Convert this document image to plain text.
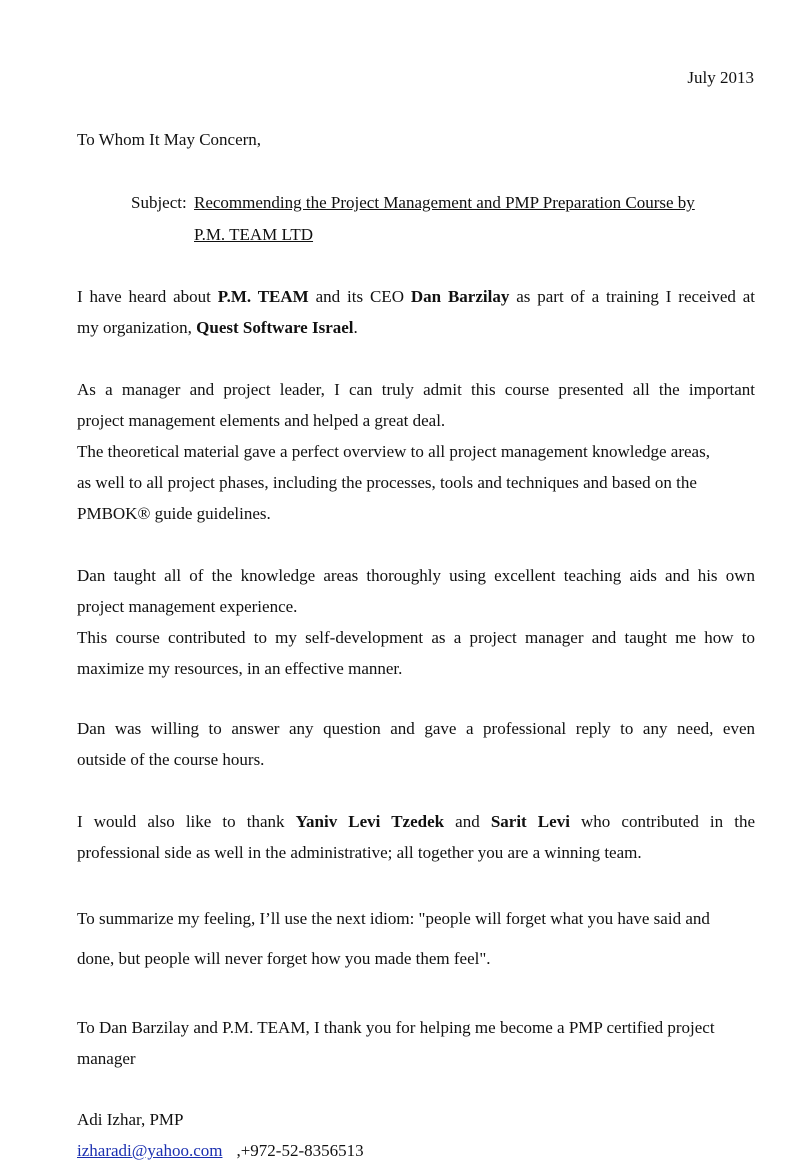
July 2013
To Whom It May Concern,
Subject: Recommending the Project Management and PMP Preparation Course by
P.M. TEAM LTD
I have heard about P.M. TEAM and its CEO Dan Barzilay as part of a training I received at
my organization, Quest Software Israel.
As a manager and project leader, I can truly admit this course presented all the important
project management elements and helped a great deal.
The theoretical material gave a perfect overview to all project management knowledge areas,
as well to all project phases, including the processes, tools and techniques and based on the
PMBOK® guide guidelines.
Dan taught all of the knowledge areas thoroughly using excellent teaching aids and his own
project management experience.
This course contributed to my self-development as a project manager and taught me how to
maximize my resources, in an effective manner.
Dan was willing to answer any question and gave a professional reply to any need, even
outside of the course hours.
I would also like to thank Yaniv Levi Tzedek and Sarit Levi who contributed in the
professional side as well in the administrative; all together you are a winning team.
To summarize my feeling, I’ll use the next idiom: "people will forget what you have said and
done, but people will never forget how you made them feel".
To Dan Barzilay and P.M. TEAM, I thank you for helping me become a PMP certified project
manager
Adi Izhar, PMP
izharadi@yahoo.com ,+972-52-8356513
